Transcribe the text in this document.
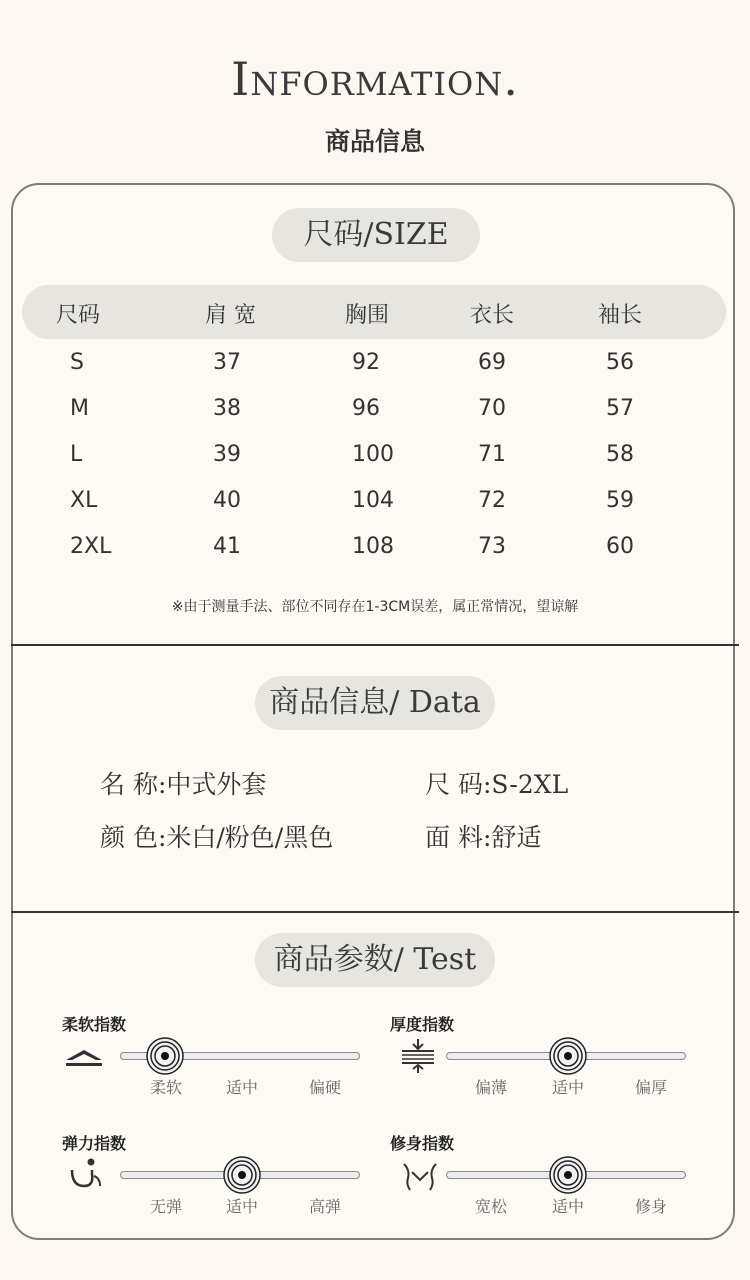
Information.
商品信息
尺码/SIZE
尺码	肩 宽	胸围	衣长	袖长
S	37	92	69	56
M	38	96	70	57
L	39	100	71	58
XL	40	104	72	59
2XL	41	108	73	60
※由于测量手法、部位不同存在1-3CM误差，属正常情况，望谅解
商品信息/ Data
名 称:中式外套	尺 码:S-2XL
颜 色:米白/粉色/黑色	面 料:舒适
商品参数/ Test
柔软指数
柔软	适中	偏硬
厚度指数
偏薄	适中	偏厚
弹力指数
无弹	适中	高弹
修身指数
宽松	适中	修身
